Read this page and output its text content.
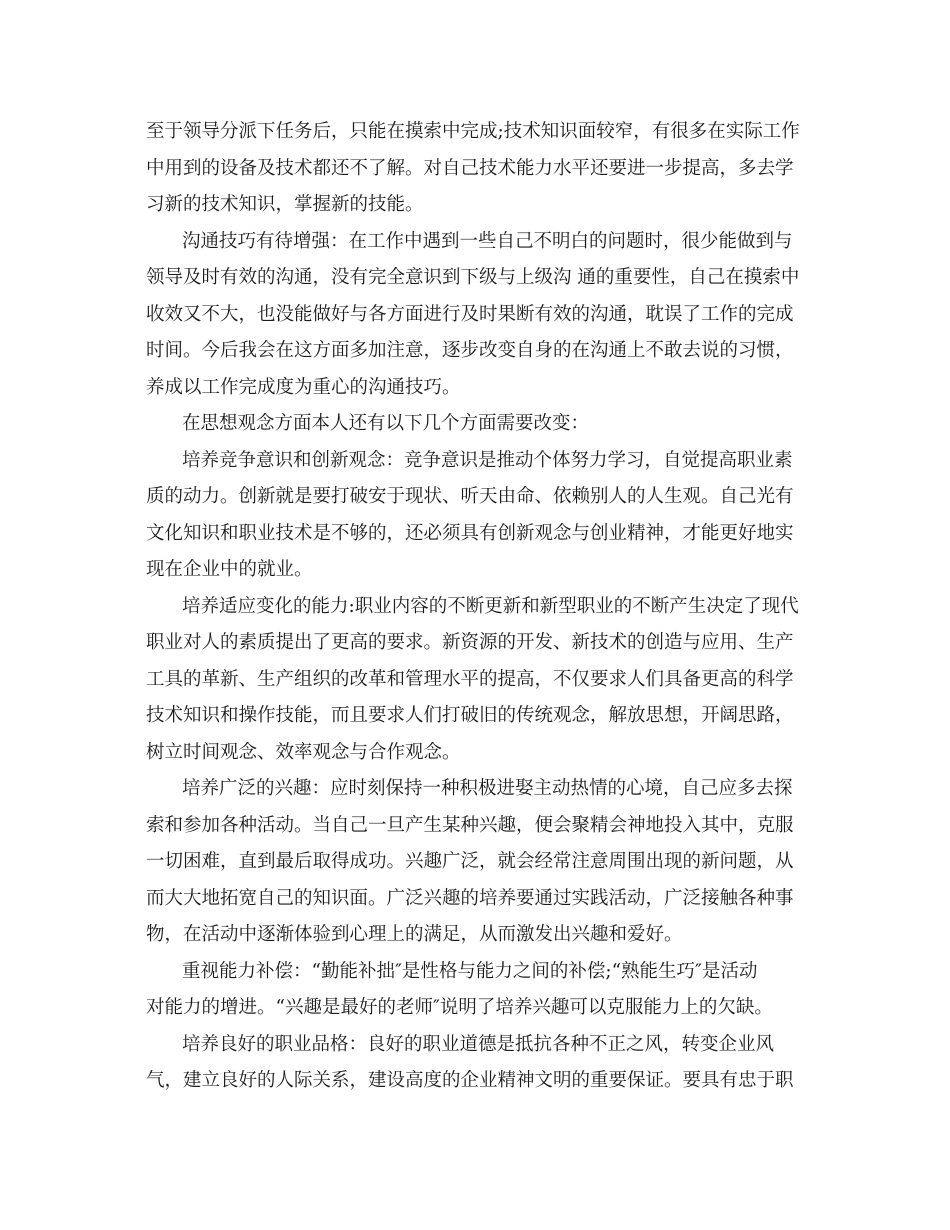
至于领导分派下任务后，只能在摸索中完成;技术知识面较窄，有很多在实际工作
中用到的设备及技术都还不了解。对自己技术能力水平还要进一步提高，多去学
习新的技术知识，掌握新的技能。
沟通技巧有待增强：在工作中遇到一些自己不明白的问题时，很少能做到与
领导及时有效的沟通，没有完全意识到下级与上级沟 通的重要性，自己在摸索中
收效又不大，也没能做好与各方面进行及时果断有效的沟通，耽误了工作的完成
时间。今后我会在这方面多加注意，逐步改变自身的在沟通上不敢去说的习惯，
养成以工作完成度为重心的沟通技巧。
在思想观念方面本人还有以下几个方面需要改变：
培养竞争意识和创新观念：竞争意识是推动个体努力学习，自觉提高职业素
质的动力。创新就是要打破安于现状、听天由命、依赖别人的人生观。自己光有
文化知识和职业技术是不够的，还必须具有创新观念与创业精神，才能更好地实
现在企业中的就业。
培养适应变化的能力:职业内容的不断更新和新型职业的不断产生决定了现代
职业对人的素质提出了更高的要求。新资源的开发、新技术的创造与应用、生产
工具的革新、生产组织的改革和管理水平的提高，不仅要求人们具备更高的科学
技术知识和操作技能，而且要求人们打破旧的传统观念，解放思想，开阔思路，
树立时间观念、效率观念与合作观念。
培养广泛的兴趣：应时刻保持一种积极进娶主动热情的心境，自己应多去探
索和参加各种活动。当自己一旦产生某种兴趣，便会聚精会神地投入其中，克服
一切困难，直到最后取得成功。兴趣广泛，就会经常注意周围出现的新问题，从
而大大地拓宽自己的知识面。广泛兴趣的培养要通过实践活动，广泛接触各种事
物，在活动中逐渐体验到心理上的满足，从而激发出兴趣和爱好。
重视能力补偿：“勤能补拙″是性格与能力之间的补偿;“熟能生巧″是活动
对能力的增进。“兴趣是最好的老师″说明了培养兴趣可以克服能力上的欠缺。
培养良好的职业品格：良好的职业道德是抵抗各种不正之风，转变企业风
气，建立良好的人际关系，建设高度的企业精神文明的重要保证。要具有忠于职
